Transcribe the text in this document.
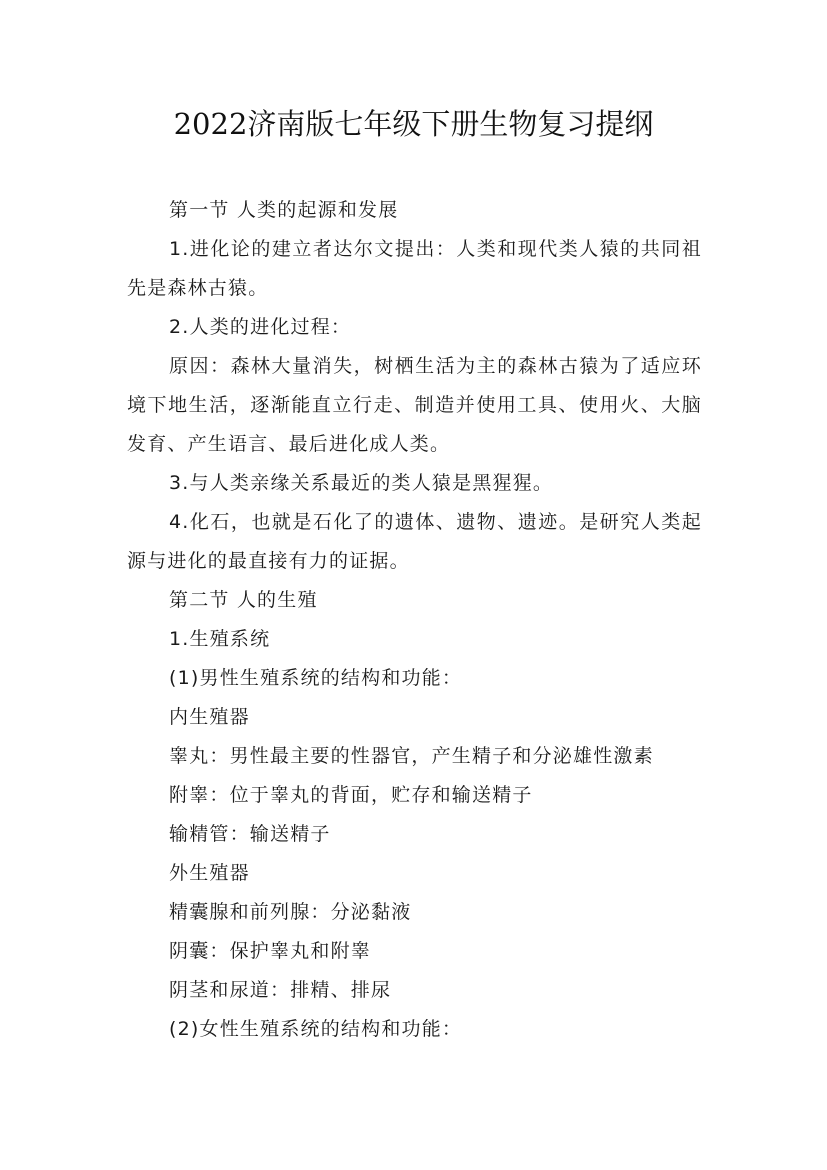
2022济南版七年级下册生物复习提纲

第一节 人类的起源和发展

1.进化论的建立者达尔文提出：人类和现代类人猿的共同祖先是森林古猿。

2.人类的进化过程：

原因：森林大量消失，树栖生活为主的森林古猿为了适应环境下地生活，逐渐能直立行走、制造并使用工具、使用火、大脑发育、产生语言、最后进化成人类。

3.与人类亲缘关系最近的类人猿是黑猩猩。

4.化石，也就是石化了的遗体、遗物、遗迹。是研究人类起源与进化的最直接有力的证据。

第二节 人的生殖

1.生殖系统

(1)男性生殖系统的结构和功能：

内生殖器

睾丸：男性最主要的性器官，产生精子和分泌雄性激素

附睾：位于睾丸的背面，贮存和输送精子

输精管：输送精子

外生殖器

精囊腺和前列腺：分泌黏液

阴囊：保护睾丸和附睾

阴茎和尿道：排精、排尿

(2)女性生殖系统的结构和功能：
